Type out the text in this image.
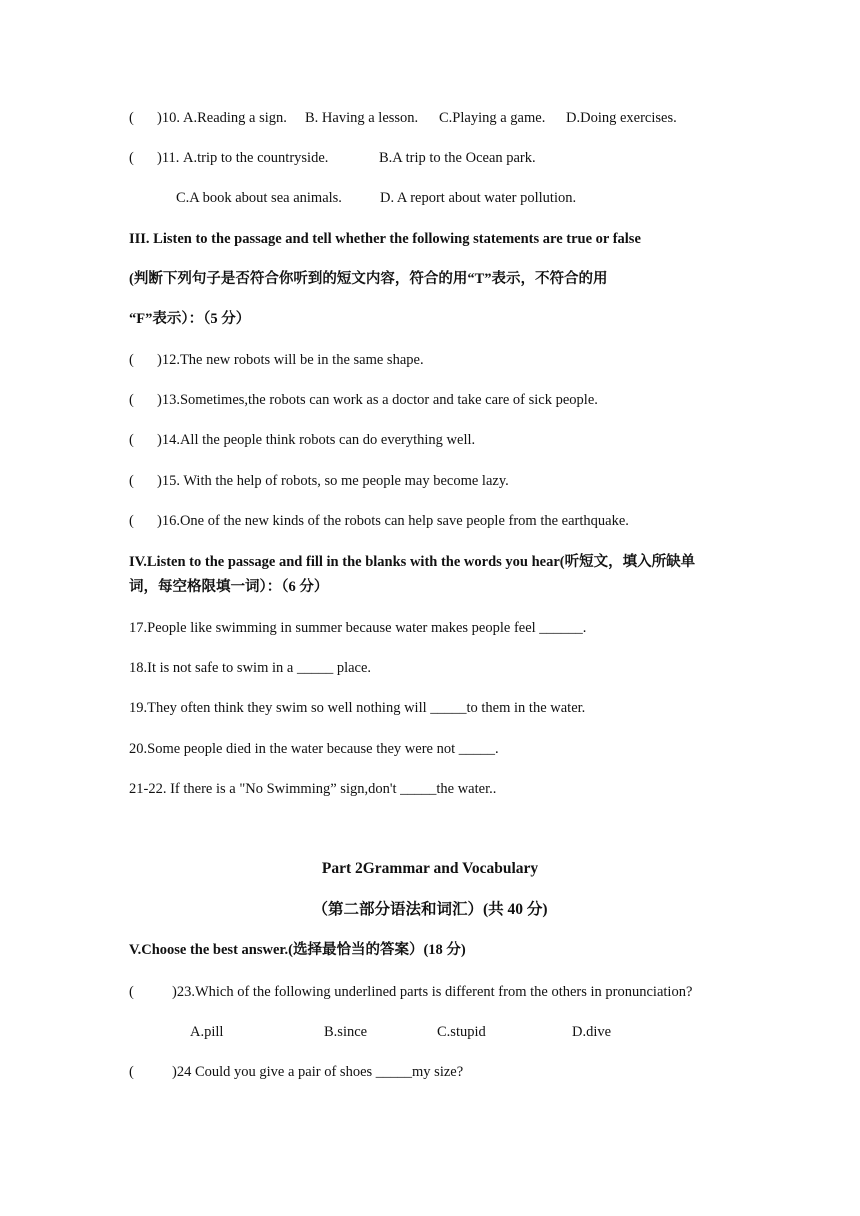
( )10. A.Reading a sign. B. Having a lesson. C.Playing a game. D.Doing exercises.
( )11. A.trip to the countryside.	B.A trip to the Ocean park.
C.A book about sea animals.	D. A report about water pollution.
III. Listen to the passage and tell whether the following statements are true or false
(判断下列句子是否符合你听到的短文内容，符合的用“T”表示，不符合的用
“F”表示）：（5 分）
( )12.The new robots will be in the same shape.
( )13.Sometimes,the robots can work as a doctor and take care of sick people.
( )14.All the people think robots can do everything well.
( )15. With the help of robots, so me people may become lazy.
( )16.One of the new kinds of the robots can help save people from the earthquake.
IV.Listen to the passage and fill in the blanks with the words you hear(听短文，填入所缺单
词，每空格限填一词）：（6 分）
17.People like swimming in summer because water makes people feel ______.
18.It is not safe to swim in a _____ place.
19.They often think they swim so well nothing will _____to them in the water.
20.Some people died in the water because they were not _____.
21-22. If there is a "No Swimming” sign,don't _____the water..
Part 2Grammar and Vocabulary
（第二部分语法和词汇）(共 40 分)
V.Choose the best answer.(选择最恰当的答案）(18 分)
(	)23.Which of the following underlined parts is different from the others in pronunciation?
A.pill	B.since	C.stupid	D.dive
(	)24 Could you give a pair of shoes _____my size?
